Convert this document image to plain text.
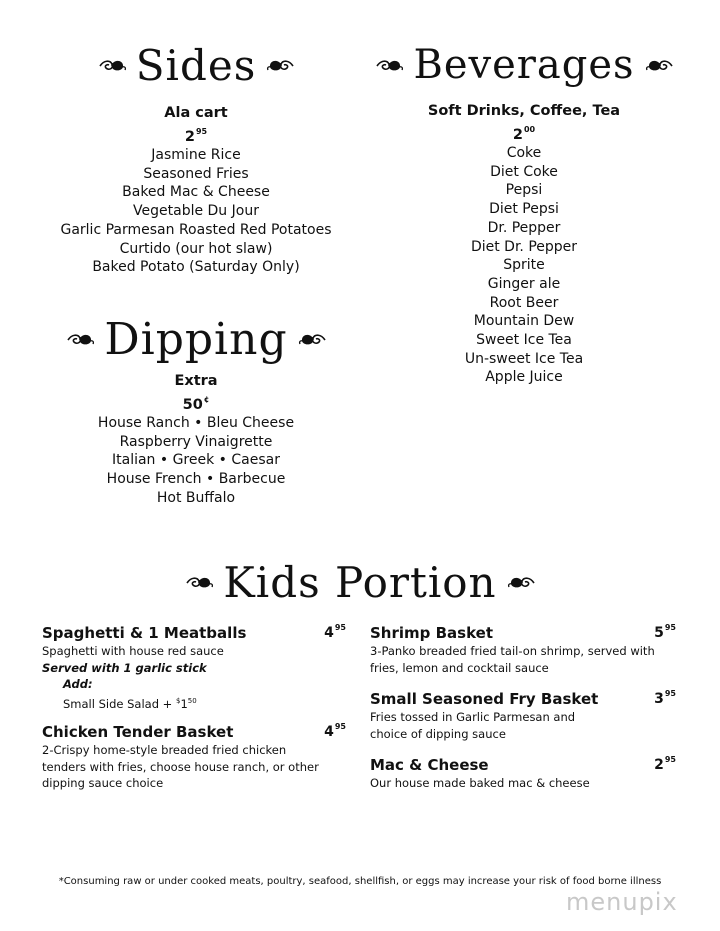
Sides
Ala cart
$2^{95}$
Jasmine Rice
Seasoned Fries
Baked Mac & Cheese
Vegetable Du Jour
Garlic Parmesan Roasted Red Potatoes
Curtido (our hot slaw)
Baked Potato (Saturday Only)
Beverages
Soft Drinks, Coffee, Tea
$2^{00}$
Coke
Diet Coke
Pepsi
Diet Pepsi
Dr. Pepper
Diet Dr. Pepper
Sprite
Ginger ale
Root Beer
Mountain Dew
Sweet Ice Tea
Un-sweet Ice Tea
Apple Juice
Dipping
Extra
50¢
House Ranch • Bleu Cheese
Raspberry Vinaigrette
Italian • Greek • Caesar
House French • Barbecue
Hot Buffalo
Kids Portion
Spaghetti & 1 Meatballs	$4^{95}$
Spaghetti with house red sauce
Served with 1 garlic stick
Add:
Small Side Salad + $^{\$}1^{50}$
Chicken Tender Basket	$4^{95}$
2-Crispy home-style breaded fried chicken tenders with fries, choose house ranch, or other dipping sauce choice
Shrimp Basket	$5^{95}$
3-Panko breaded fried tail-on shrimp, served with fries, lemon and cocktail sauce
Small Seasoned Fry Basket	$3^{95}$
Fries tossed in Garlic Parmesan and choice of dipping sauce
Mac & Cheese	$2^{95}$
Our house made baked mac & cheese
*Consuming raw or under cooked meats, poultry, seafood, shellfish, or eggs may increase your risk of food borne illness
menupix
